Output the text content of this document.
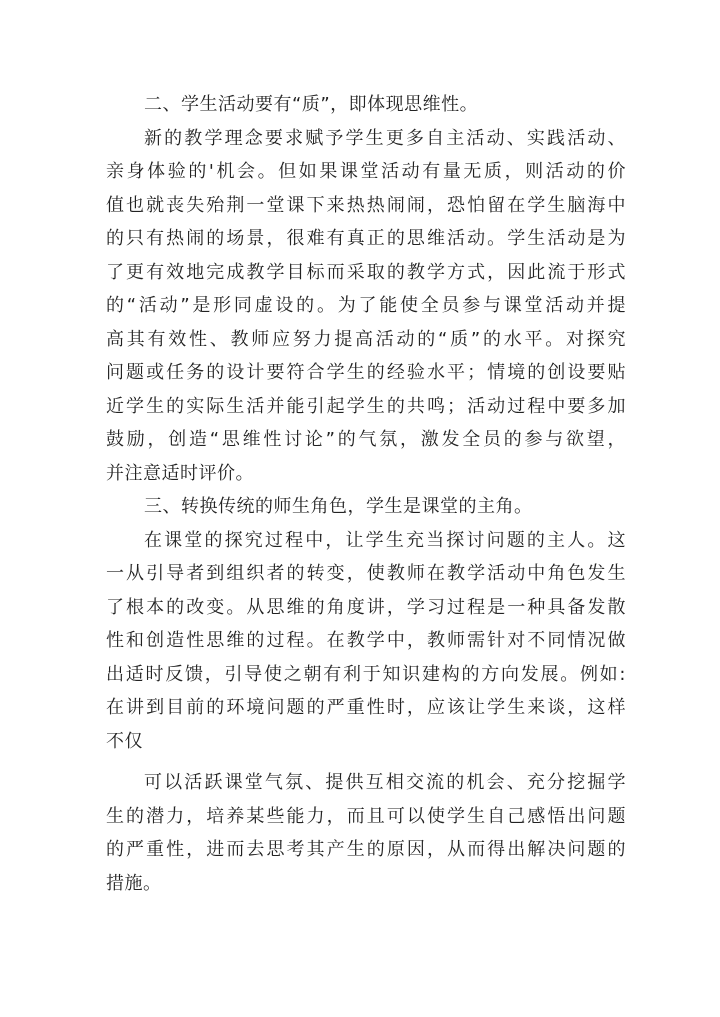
二、学生活动要有“质”，即体现思维性。
新的教学理念要求赋予学生更多自主活动、实践活动、
亲身体验的'机会。但如果课堂活动有量无质，则活动的价
值也就丧失殆荆一堂课下来热热闹闹，恐怕留在学生脑海中
的只有热闹的场景，很难有真正的思维活动。学生活动是为
了更有效地完成教学目标而采取的教学方式，因此流于形式
的“活动”是形同虚设的。为了能使全员参与课堂活动并提
高其有效性、教师应努力提高活动的“质”的水平。对探究
问题或任务的设计要符合学生的经验水平；情境的创设要贴
近学生的实际生活并能引起学生的共鸣；活动过程中要多加
鼓励，创造“思维性讨论”的气氛，激发全员的参与欲望，
并注意适时评价。
三、转换传统的师生角色，学生是课堂的主角。
在课堂的探究过程中，让学生充当探讨问题的主人。这
一从引导者到组织者的转变，使教师在教学活动中角色发生
了根本的改变。从思维的角度讲，学习过程是一种具备发散
性和创造性思维的过程。在教学中，教师需针对不同情况做
出适时反馈，引导使之朝有利于知识建构的方向发展。例如:
在讲到目前的环境问题的严重性时，应该让学生来谈，这样
不仅
可以活跃课堂气氛、提供互相交流的机会、充分挖掘学
生的潜力，培养某些能力，而且可以使学生自己感悟出问题
的严重性，进而去思考其产生的原因，从而得出解决问题的
措施。
